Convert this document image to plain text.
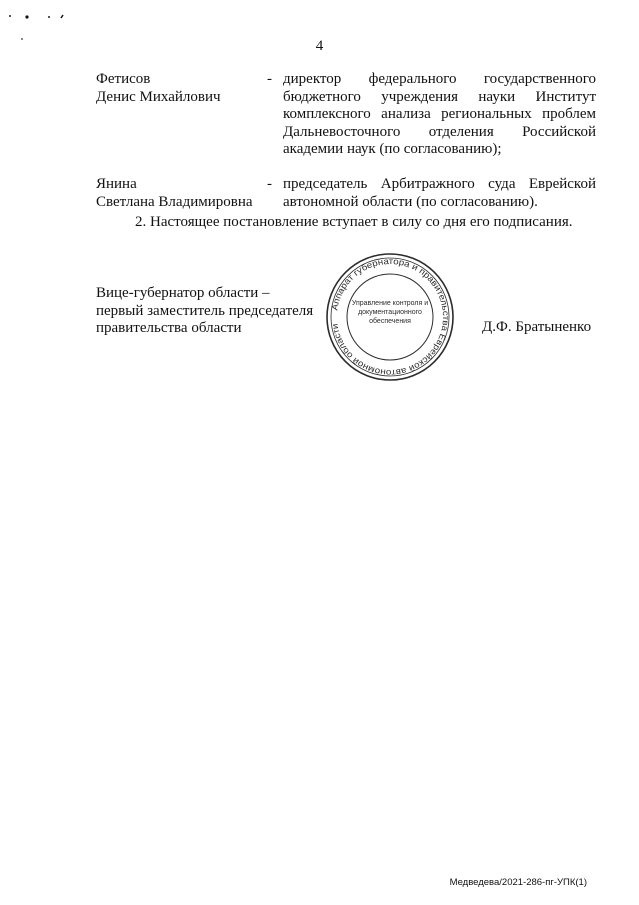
4
Фетисов
Денис Михайлович
- директор федерального государственного бюджетного учреждения науки Институт комплексного анализа региональных проблем Дальневосточного отделения Российской академии наук (по согласованию);
Янина
Светлана Владимировна
- председатель Арбитражного суда Еврейской автономной области (по согласованию).
2. Настоящее постановление вступает в силу со дня его подписания.
Вице-губернатор области –
первый заместитель председателя
правительства области
Аппарат губернатора и правительства Еврейской автономной области
Управление контроля и
документационного
обеспечения	Д.Ф. Братыненко
Медведева/2021-286-пг-УПК(1)
